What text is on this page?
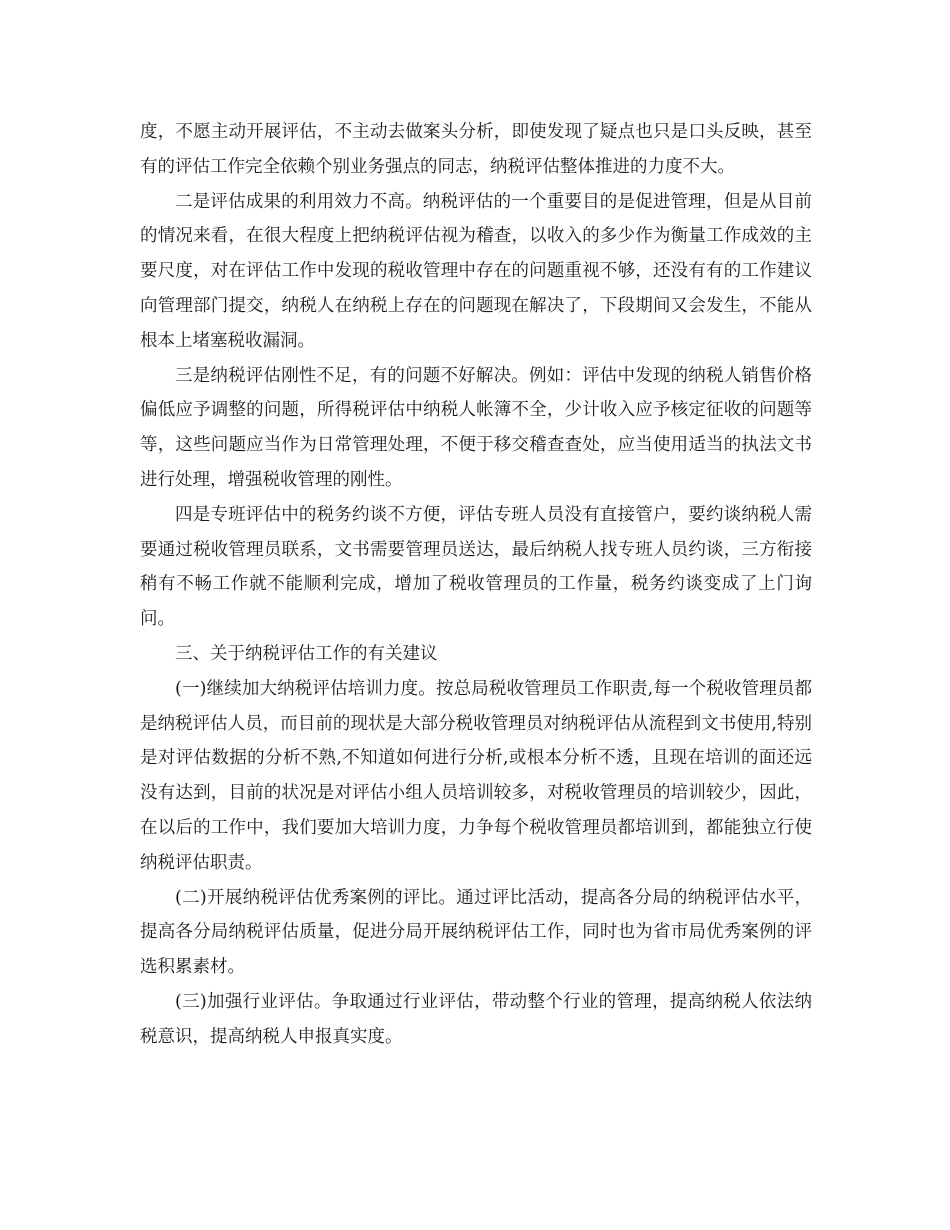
度，不愿主动开展评估，不主动去做案头分析，即使发现了疑点也只是口头反映，甚至有的评估工作完全依赖个别业务强点的同志，纳税评估整体推进的力度不大。

二是评估成果的利用效力不高。纳税评估的一个重要目的是促进管理，但是从目前的情况来看，在很大程度上把纳税评估视为稽查，以收入的多少作为衡量工作成效的主要尺度，对在评估工作中发现的税收管理中存在的问题重视不够，还没有有的工作建议向管理部门提交，纳税人在纳税上存在的问题现在解决了，下段期间又会发生，不能从根本上堵塞税收漏洞。

三是纳税评估刚性不足，有的问题不好解决。例如：评估中发现的纳税人销售价格偏低应予调整的问题，所得税评估中纳税人帐簿不全，少计收入应予核定征收的问题等等，这些问题应当作为日常管理处理，不便于移交稽查查处，应当使用适当的执法文书进行处理，增强税收管理的刚性。

四是专班评估中的税务约谈不方便，评估专班人员没有直接管户，要约谈纳税人需要通过税收管理员联系，文书需要管理员送达，最后纳税人找专班人员约谈，三方衔接稍有不畅工作就不能顺利完成，增加了税收管理员的工作量，税务约谈变成了上门询问。

三、关于纳税评估工作的有关建议

(一)继续加大纳税评估培训力度。按总局税收管理员工作职责,每一个税收管理员都是纳税评估人员，而目前的现状是大部分税收管理员对纳税评估从流程到文书使用,特别是对评估数据的分析不熟,不知道如何进行分析,或根本分析不透，且现在培训的面还远没有达到，目前的状况是对评估小组人员培训较多，对税收管理员的培训较少，因此，在以后的工作中，我们要加大培训力度，力争每个税收管理员都培训到，都能独立行使纳税评估职责。

(二)开展纳税评估优秀案例的评比。通过评比活动，提高各分局的纳税评估水平，提高各分局纳税评估质量，促进分局开展纳税评估工作，同时也为省市局优秀案例的评选积累素材。

(三)加强行业评估。争取通过行业评估，带动整个行业的管理，提高纳税人依法纳税意识，提高纳税人申报真实度。
